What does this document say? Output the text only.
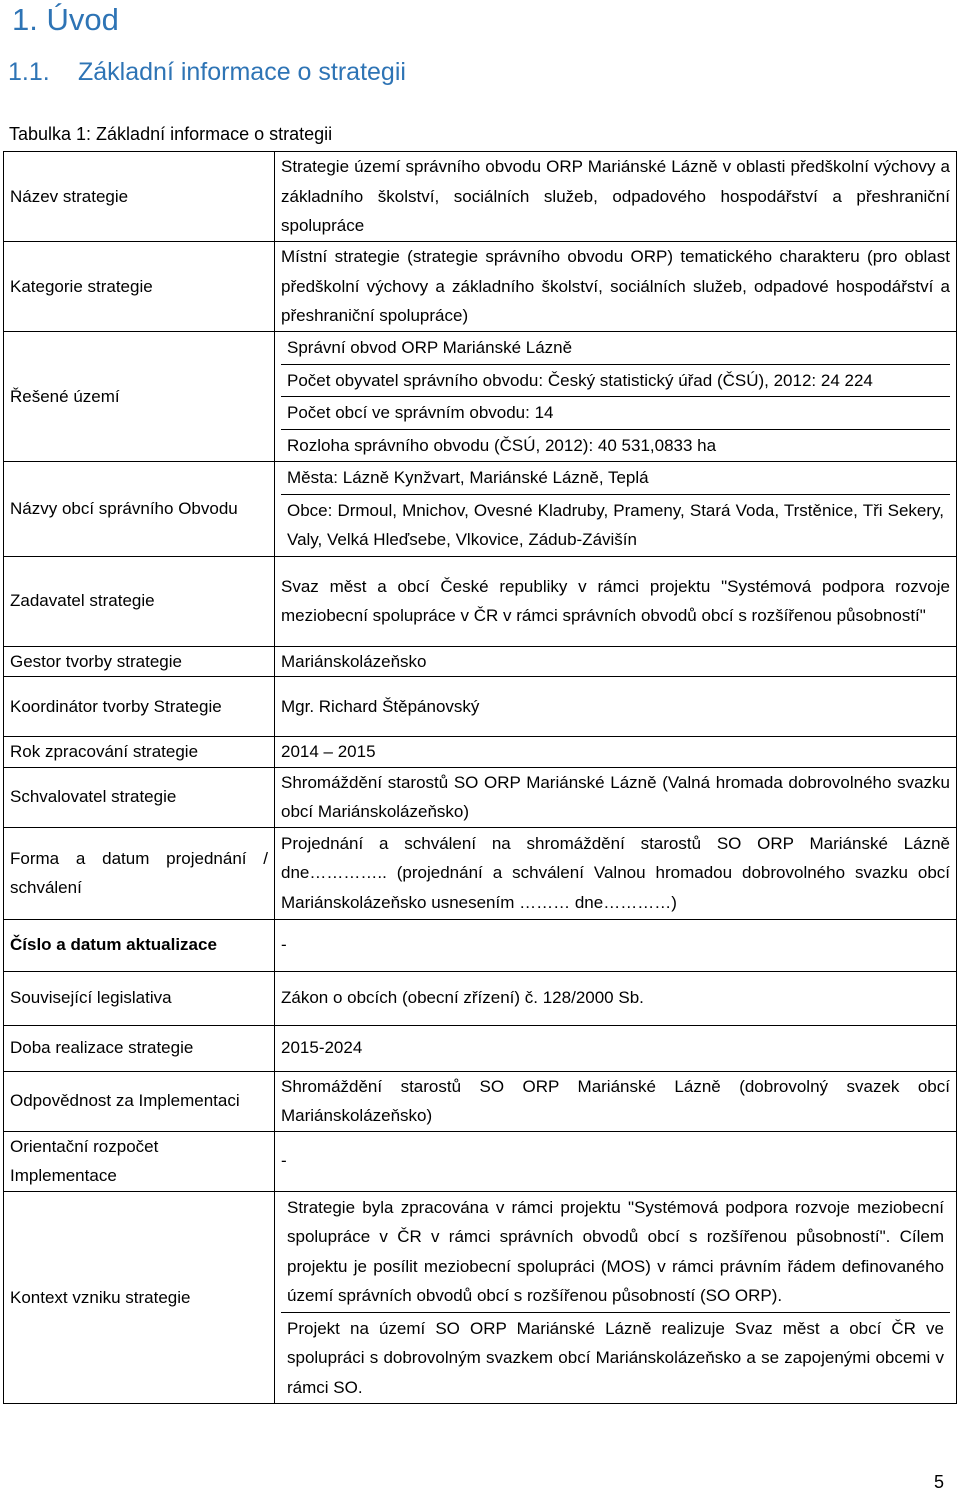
1. Úvod
1.1. Základní informace o strategii
Tabulka 1: Základní informace o strategii
Název strategie	Strategie území správního obvodu ORP Mariánské Lázně v oblasti předškolní výchovy a základního školství, sociálních služeb, odpadového hospodářství a přeshraniční spolupráce
Kategorie strategie	Místní strategie (strategie správního obvodu ORP) tematického charakteru (pro oblast předškolní výchovy a základního školství, sociálních služeb, odpadové hospodářství a přeshraniční spolupráce)
Řešené území	Správní obvod ORP Mariánské Lázně
Počet obyvatel správního obvodu: Český statistický úřad (ČSÚ), 2012: 24 224
Počet obcí ve správním obvodu: 14
Rozloha správního obvodu (ČSÚ, 2012): 40 531,0833 ha

Názvy obcí správního Obvodu	Města: Lázně Kynžvart, Mariánské Lázně, Teplá
Obce: Drmoul, Mnichov, Ovesné Kladruby, Prameny, Stará Voda, Trstěnice, Tři Sekery, Valy, Velká Hleďsebe, Vlkovice, Zádub-Závišín

Zadavatel strategie	Svaz měst a obcí České republiky v rámci projektu "Systémová podpora rozvoje meziobecní spolupráce v ČR v rámci správních obvodů obcí s rozšířenou působností"
Gestor tvorby strategie	Mariánskolázeňsko
Koordinátor tvorby Strategie	Mgr. Richard Štěpánovský
Rok zpracování strategie	2014 – 2015
Schvalovatel strategie	Shromáždění starostů SO ORP Mariánské Lázně (Valná hromada dobrovolného svazku obcí Mariánskolázeňsko)
Forma a datum projednání / schválení	Projednání a schválení na shromáždění starostů SO ORP Mariánské Lázně dne………….. (projednání a schválení Valnou hromadou dobrovolného svazku obcí Mariánskolázeňsko usnesením ……… dne…………)
Číslo a datum aktualizace	-
Související legislativa	Zákon o obcích (obecní zřízení) č. 128/2000 Sb.
Doba realizace strategie	2015-2024
Odpovědnost za Implementaci	Shromáždění starostů SO ORP Mariánské Lázně (dobrovolný svazek obcí Mariánskolázeňsko)
Orientační rozpočet Implementace	-
Kontext vzniku strategie	Strategie byla zpracována v rámci projektu "Systémová podpora rozvoje meziobecní spolupráce v ČR v rámci správních obvodů obcí s rozšířenou působností". Cílem projektu je posílit meziobecní spolupráci (MOS) v rámci právním řádem definovaného území správních obvodů obcí s rozšířenou působností (SO ORP).
Projekt na území SO ORP Mariánské Lázně realizuje Svaz měst a obcí ČR ve spolupráci s dobrovolným svazkem obcí Mariánskolázeňsko a se zapojenými obcemi v rámci SO.
5
